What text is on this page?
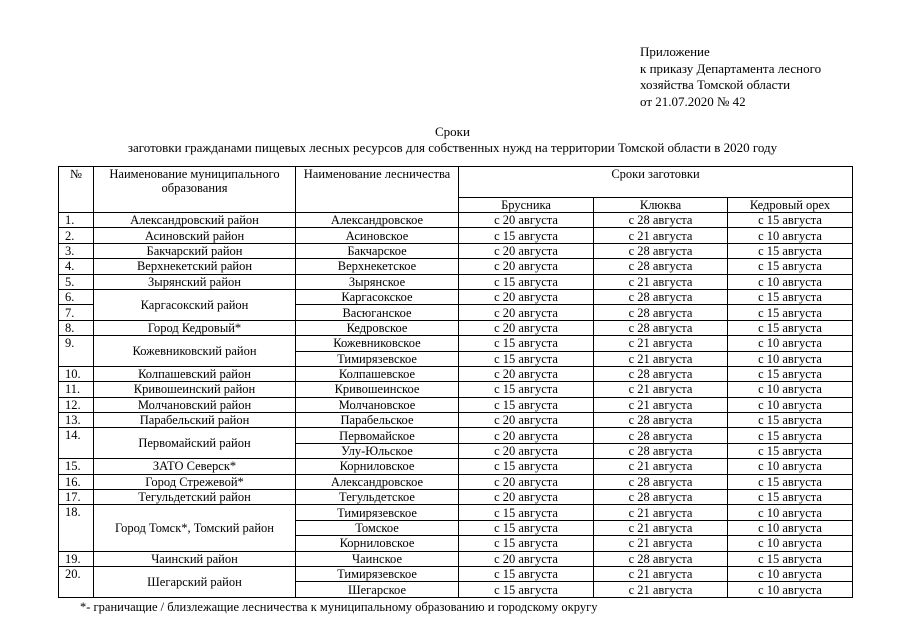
Приложение
к приказу Департамента лесного
хозяйства Томской области
от 21.07.2020 № 42
Сроки
заготовки гражданами пищевых лесных ресурсов для собственных нужд на территории Томской области в 2020 году
№	Наименование муниципального образования	Наименование лесничества	Сроки заготовки		
			Брусника	Клюква	Кедровый орех
1.	Александровский район	Александровское	с 20 августа	с 28 августа	с 15 августа
2.	Асиновский район	Асиновское	с 15 августа	с 21 августа	с 10 августа
3.	Бакчарский район	Бакчарское	с 20 августа	с 28 августа	с 15 августа
4.	Верхнекетский район	Верхнекетское	с 20 августа	с 28 августа	с 15 августа
5.	Зырянский район	Зырянское	с 15 августа	с 21 августа	с 10 августа
6.	Каргасокский район	Каргасокское	с 20 августа	с 28 августа	с 15 августа
7.		Васюганское	с 20 августа	с 28 августа	с 15 августа
8.	Город Кедровый*	Кедровское	с 20 августа	с 28 августа	с 15 августа
9.	Кожевниковский район	Кожевниковское	с 15 августа	с 21 августа	с 10 августа
		Тимирязевское	с 15 августа	с 21 августа	с 10 августа
10.	Колпашевский район	Колпашевское	с 20 августа	с 28 августа	с 15 августа
11.	Кривошеинский район	Кривошеинское	с 15 августа	с 21 августа	с 10 августа
12.	Молчановский район	Молчановское	с 15 августа	с 21 августа	с 10 августа
13.	Парабельский район	Парабельское	с 20 августа	с 28 августа	с 15 августа
14.	Первомайский район	Первомайское	с 20 августа	с 28 августа	с 15 августа
		Улу-Юльское	с 20 августа	с 28 августа	с 15 августа
15.	ЗАТО Северск*	Корниловское	с 15 августа	с 21 августа	с 10 августа
16.	Город Стрежевой*	Александровское	с 20 августа	с 28 августа	с 15 августа
17.	Тегульдетский район	Тегульдетское	с 20 августа	с 28 августа	с 15 августа
18.	Город Томск*, Томский район	Тимирязевское	с 15 августа	с 21 августа	с 10 августа
		Томское	с 15 августа	с 21 августа	с 10 августа
		Корниловское	с 15 августа	с 21 августа	с 10 августа
19.	Чаинский район	Чаинское	с 20 августа	с 28 августа	с 15 августа
20.	Шегарский район	Тимирязевское	с 15 августа	с 21 августа	с 10 августа
		Шегарское	с 15 августа	с 21 августа	с 10 августа
*- граничащие / близлежащие лесничества к муниципальному образованию и городскому округу
